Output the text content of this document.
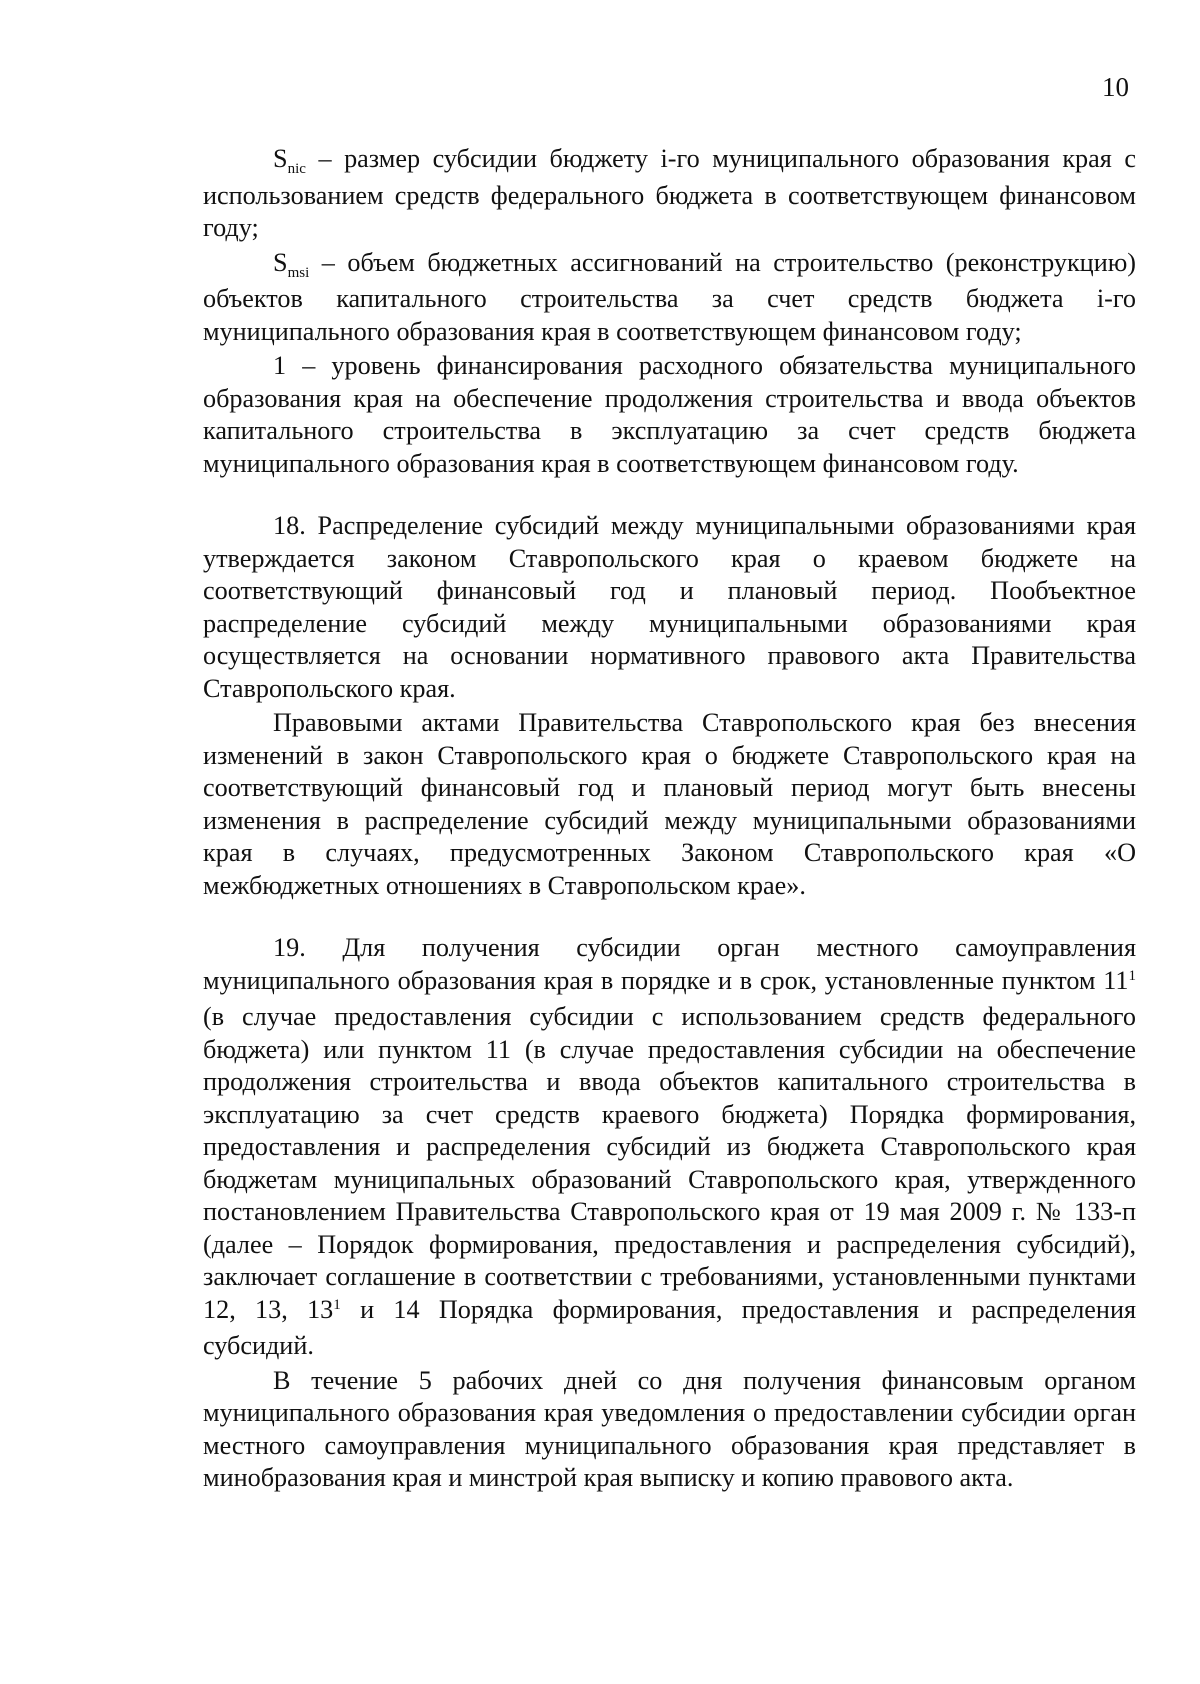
10

$S_{nic}$ – размер субсидии бюджету i-го муниципального образования края с использованием средств федерального бюджета в соответствующем финансовом году;

$S_{msi}$ – объем бюджетных ассигнований на строительство (реконструкцию) объектов капитального строительства за счет средств бюджета i-го муниципального образования края в соответствующем финансовом году;

1 – уровень финансирования расходного обязательства муниципального образования края на обеспечение продолжения строительства и ввода объектов капитального строительства в эксплуатацию за счет средств бюджета муниципального образования края в соответствующем финансовом году.

18. Распределение субсидий между муниципальными образованиями края утверждается законом Ставропольского края о краевом бюджете на соответствующий финансовый год и плановый период. Пообъектное распределение субсидий между муниципальными образованиями края осуществляется на основании нормативного правового акта Правительства Ставропольского края.

Правовыми актами Правительства Ставропольского края без внесения изменений в закон Ставропольского края о бюджете Ставропольского края на соответствующий финансовый год и плановый период могут быть внесены изменения в распределение субсидий между муниципальными образованиями края в случаях, предусмотренных Законом Ставропольского края «О межбюджетных отношениях в Ставропольском крае».

19. Для получения субсидии орган местного самоуправления муниципального образования края в порядке и в срок, установленные пунктом $11^1$ (в случае предоставления субсидии с использованием средств федерального бюджета) или пунктом 11 (в случае предоставления субсидии на обеспечение продолжения строительства и ввода объектов капитального строительства в эксплуатацию за счет средств краевого бюджета) Порядка формирования, предоставления и распределения субсидий из бюджета Ставропольского края бюджетам муниципальных образований Ставропольского края, утвержденного постановлением Правительства Ставропольского края от 19 мая 2009 г. № 133-п (далее – Порядок формирования, предоставления и распределения субсидий), заключает соглашение в соответствии с требованиями, установленными пунктами 12, 13, $13^1$ и 14 Порядка формирования, предоставления и распределения субсидий.

В течение 5 рабочих дней со дня получения финансовым органом муниципального образования края уведомления о предоставлении субсидии орган местного самоуправления муниципального образования края представляет в минобразования края и минстрой края выписку и копию правового акта.
